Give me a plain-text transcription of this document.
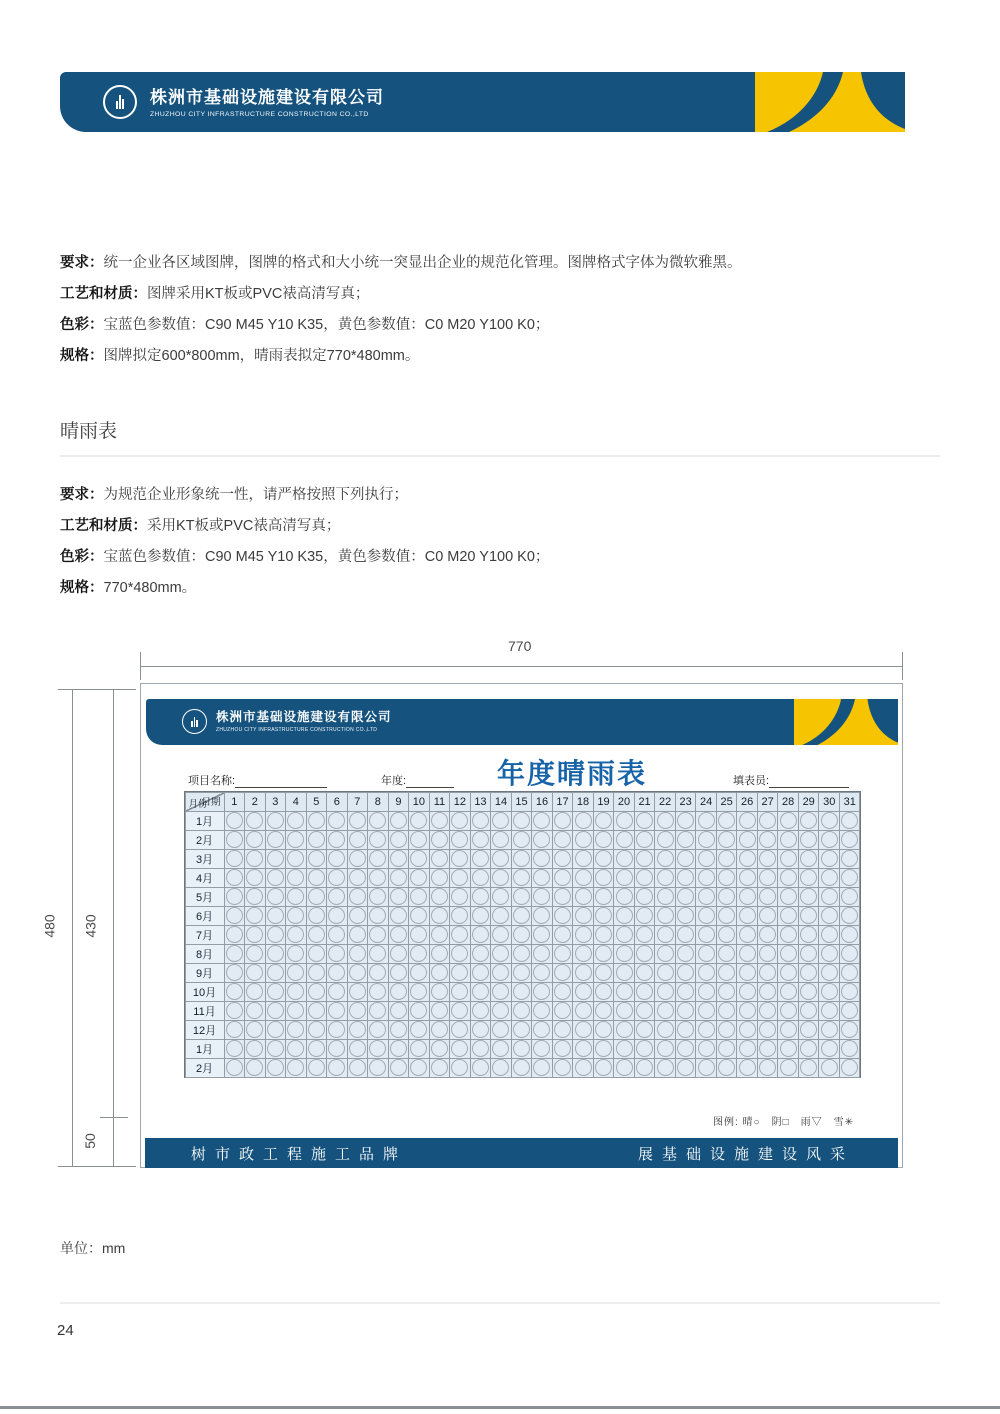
株洲市基础设施建设有限公司
ZHUZHOU CITY INFRASTRUCTURE CONSTRUCTION CO.,LTD
要求：统一企业各区域图牌，图牌的格式和大小统一突显出企业的规范化管理。图牌格式字体为微软雅黑。
工艺和材质：图牌采用KT板或PVC裱高清写真；
色彩：宝蓝色参数值：C90 M45 Y10 K35，黄色参数值：C0 M20 Y100 K0；
规格：图牌拟定600*800mm，晴雨表拟定770*480mm。
晴雨表
要求：为规范企业形象统一性，请严格按照下列执行；
工艺和材质：采用KT板或PVC裱高清写真；
色彩：宝蓝色参数值：C90 M45 Y10 K35，黄色参数值：C0 M20 Y100 K0；
规格：770*480mm。
770
480 430
50
株洲市基础设施建设有限公司
ZHUZHOU CITY INFRASTRUCTURE CONSTRUCTION CO.,LTD
项目名称:	年度:	年度晴雨表	填表员:
日期
月份	1	2	3	4	5	6	7	8	9	10 11 12 13 14 15 16 17 18 19 20 21 22 23 24 25 26 27 28 29 30 31
1月
2月
3月
4月
5月
6月
7月
8月
9月
10月
11月
12月
1月
2月
图例: 晴○　阴□　雨▽　雪✳
树市政工程施工品牌	展基础设施建设风采
单位：mm
24
